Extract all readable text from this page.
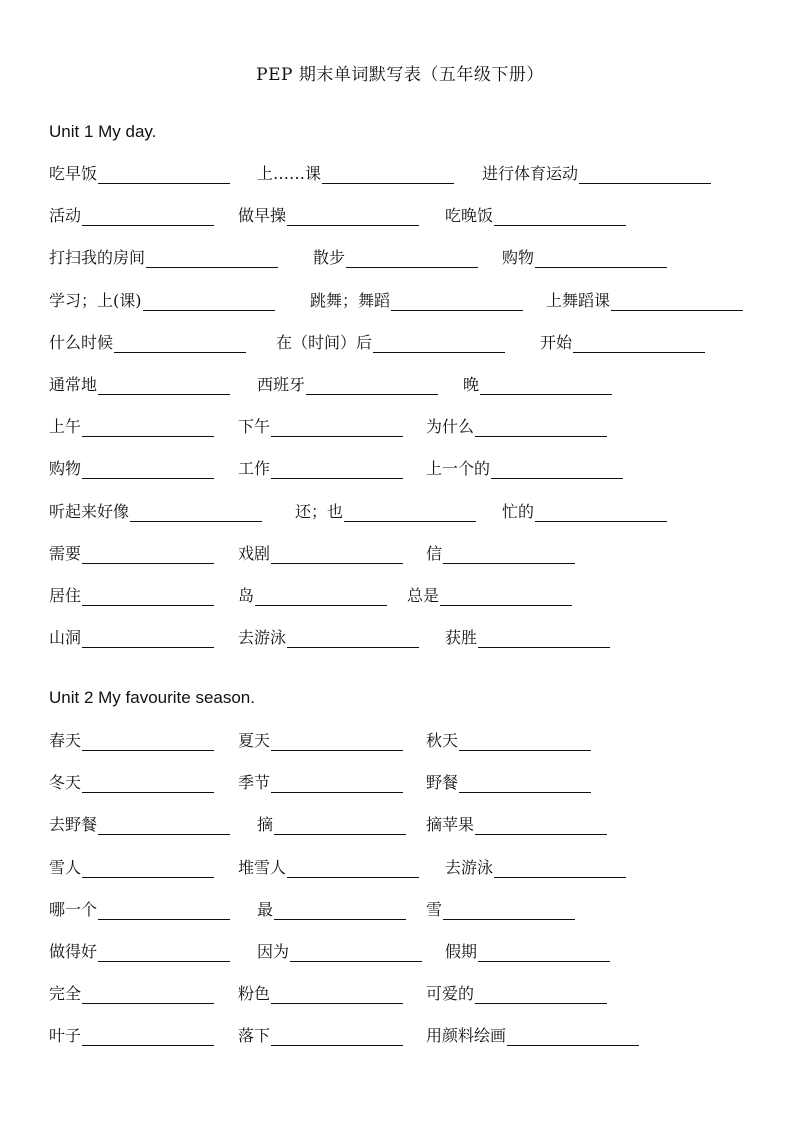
PEP 期末单词默写表（五年级下册）
Unit 1 My day.
吃早饭	上……课	进行体育运动
活动	做早操	吃晚饭
打扫我的房间	散步	购物
学习；上(课)	跳舞；舞蹈	上舞蹈课
什么时候	在（时间）后	开始
通常地	西班牙	晚
上午	下午	为什么
购物	工作	上一个的
听起来好像	还；也	忙的
需要	戏剧	信
居住	岛	总是
山洞	去游泳	获胜
Unit 2 My favourite season.
春天	夏天	秋天
冬天	季节	野餐
去野餐	摘	摘苹果
雪人	堆雪人	去游泳
哪一个	最	雪
做得好	因为	假期
完全	粉色	可爱的
叶子	落下	用颜料绘画
